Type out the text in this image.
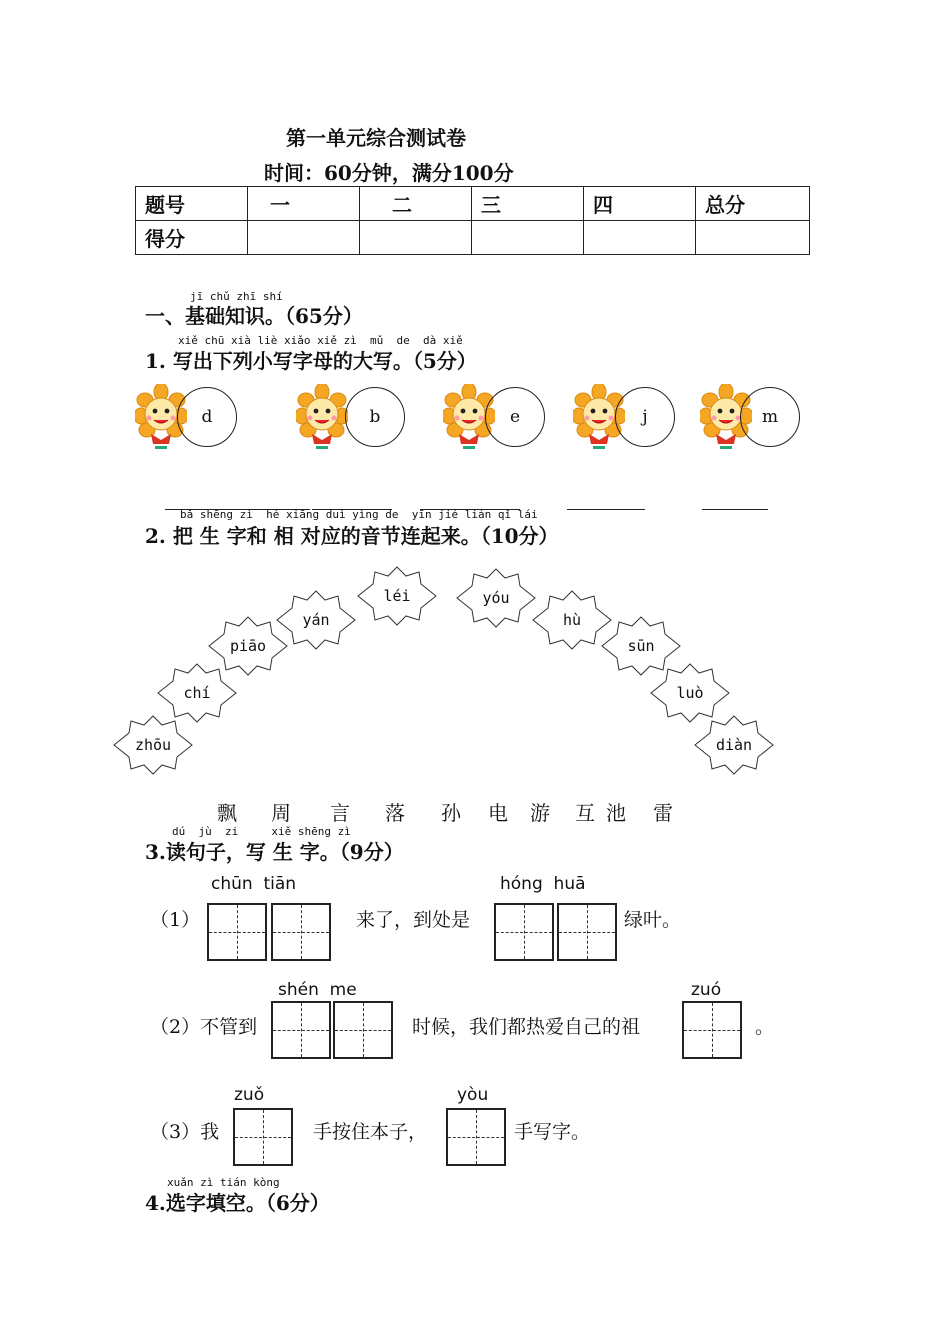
第一单元综合测试卷
时间：60分钟，满分100分
题号	一	二	三	四	总分
得分					
jī chǔ zhī shí
一、基础知识。（65分）
xiě chū xià liè xiǎo xiě zì  mǔ  de  dà xiě
1. 写出下列小写字母的大写。（5分）
d	b	e	j	m
bǎ shēng zì  hé xiāng duì yìng de  yīn jié lián qǐ lái
2. 把 生 字和 相 对应的音节连起来。（10分）
zhōu
chí
piāo
yán
léi	yóu
hù
sūn
luò
diàn
飘 周 言 落 孙 电 游 互 池 雷
dú  jù  zi     xiě shēng zì
3.读句子，写 生 字。（9分）
（1）
chūn  tiān
来了，到处是
hóng  huā
绿叶。
（2）不管到
shén  me
时候，我们都热爱自己的祖
zuó
。
（3）我
zuǒ
手按住本子，
yòu
手写字。
xuǎn zì tián kòng
4.选字填空。（6分）
